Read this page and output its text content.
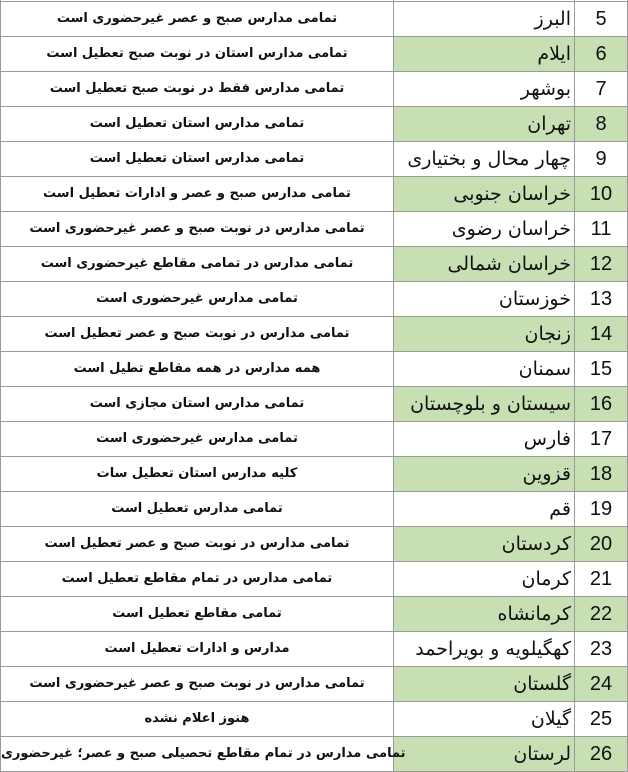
تمامی مدارس صبح و عصر غیرحضوری است	البرز	5
تمامی مدارس استان در نوبت صبح تعطیل است	ایلام	6
تمامی مدارس فقط در نوبت صبح تعطیل است	بوشهر	7
تمامی مدارس استان تعطیل است	تهران	8
تمامی مدارس استان تعطیل است	چهار محال و بختیاری	9
تمامی مدارس صبح و عصر و ادارات تعطیل است	خراسان جنوبی	10
تمامی مدارس در نوبت صبح و عصر غیرحضوری است	خراسان رضوی	11
تمامی مدارس در تمامی مقاطع غیرحضوری است	خراسان شمالی	12
تمامی مدارس غیرحضوری است	خوزستان	13
تمامی مدارس در نوبت صبح و عصر تعطیل است	زنجان	14
همه مدارس در همه مقاطع تطیل است	سمنان	15
تمامی مدارس استان مجازی است	سیستان و بلوچستان	16
تمامی مدارس غیرحضوری است	فارس	17
کلیه مدارس استان تعطیل سات	قزوین	18
تمامی مدارس تعطیل است	قم	19
تمامی مدارس در نوبت صبح و عصر تعطیل است	کردستان	20
تمامی مدارس در تمام مقاطع تعطیل است	کرمان	21
تمامی مقاطع تعطیل است	کرمانشاه	22
مدارس و ادارات تعطیل است	کهگیلویه و بویراحمد	23
تمامی مدارس در نوبت صبح و عصر غیرحضوری است	گلستان	24
هنوز اعلام نشده	گیلان	25
تمامی مدارس در تمام مقاطع تحصیلی صبح و عصر؛ غیرحضوری	لرستان	26
